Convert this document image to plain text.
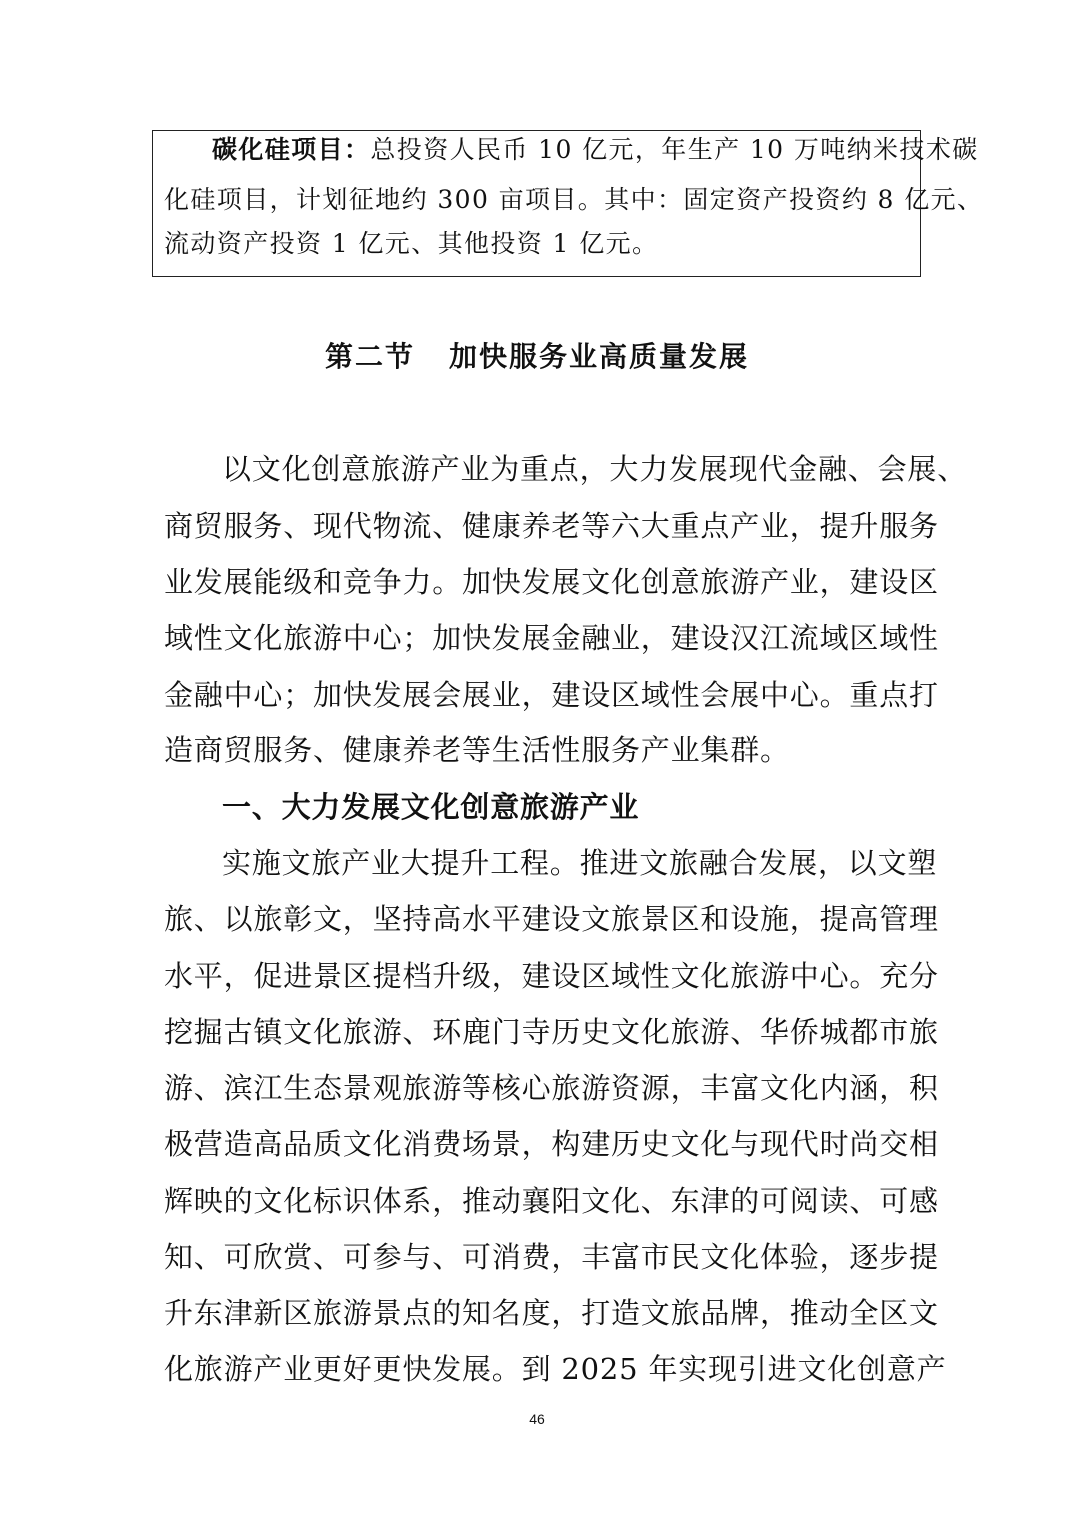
碳化硅项目：总投资人民币 10 亿元，年生产 10 万吨纳米技术碳
化硅项目，计划征地约 300 亩项目。其中：固定资产投资约 8 亿元、
流动资产投资 1 亿元、其他投资 1 亿元。
第二节 加快服务业高质量发展
以文化创意旅游产业为重点，大力发展现代金融、会展、
商贸服务、现代物流、健康养老等六大重点产业，提升服务
业发展能级和竞争力。加快发展文化创意旅游产业，建设区
域性文化旅游中心；加快发展金融业，建设汉江流域区域性
金融中心；加快发展会展业，建设区域性会展中心。重点打
造商贸服务、健康养老等生活性服务产业集群。
一、大力发展文化创意旅游产业
实施文旅产业大提升工程。推进文旅融合发展，以文塑
旅、以旅彰文，坚持高水平建设文旅景区和设施，提高管理
水平，促进景区提档升级，建设区域性文化旅游中心。充分
挖掘古镇文化旅游、环鹿门寺历史文化旅游、华侨城都市旅
游、滨江生态景观旅游等核心旅游资源，丰富文化内涵，积
极营造高品质文化消费场景，构建历史文化与现代时尚交相
辉映的文化标识体系，推动襄阳文化、东津的可阅读、可感
知、可欣赏、可参与、可消费，丰富市民文化体验，逐步提
升东津新区旅游景点的知名度，打造文旅品牌，推动全区文
化旅游产业更好更快发展。到 2025 年实现引进文化创意产
46
